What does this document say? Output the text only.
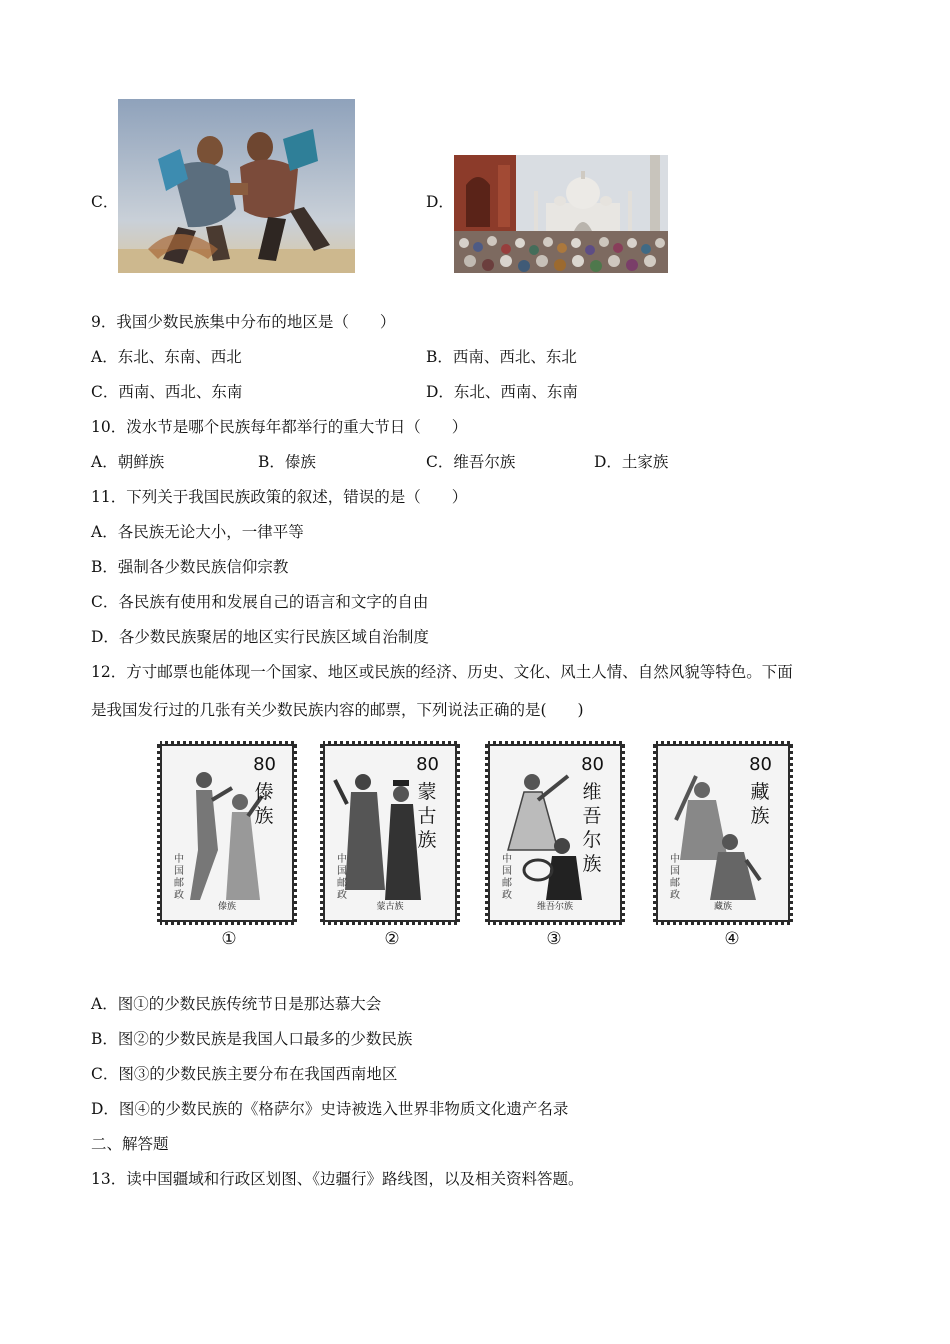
C．	D．
9．我国少数民族集中分布的地区是（　　）
A．东北、东南、西北	B．西南、西北、东北
C．西南、西北、东南	D．东北、西南、东南
10．泼水节是哪个民族每年都举行的重大节日（　　）
A．朝鲜族	B．傣族	C．维吾尔族	D．土家族
11．下列关于我国民族政策的叙述，错误的是（　　）
A．各民族无论大小，一律平等
B．强制各少数民族信仰宗教
C．各民族有使用和发展自己的语言和文字的自由
D．各少数民族聚居的地区实行民族区域自治制度
12．方寸邮票也能体现一个国家、地区或民族的经济、历史、文化、风土人情、自然风貌等特色。下面
是我国发行过的几张有关少数民族内容的邮票，下列说法正确的是(　　)
80
傣族
中国邮政
傣族
①
80
蒙古族
中国邮政
蒙古族
②
80
维吾尔族
中国邮政
维吾尔族
③
80
藏族
中国邮政
藏族
④
A．图①的少数民族传统节日是那达慕大会
B．图②的少数民族是我国人口最多的少数民族
C．图③的少数民族主要分布在我国西南地区
D．图④的少数民族的《格萨尔》史诗被选入世界非物质文化遗产名录
二、解答题
13．读中国疆域和行政区划图、《边疆行》路线图，以及相关资料答题。
